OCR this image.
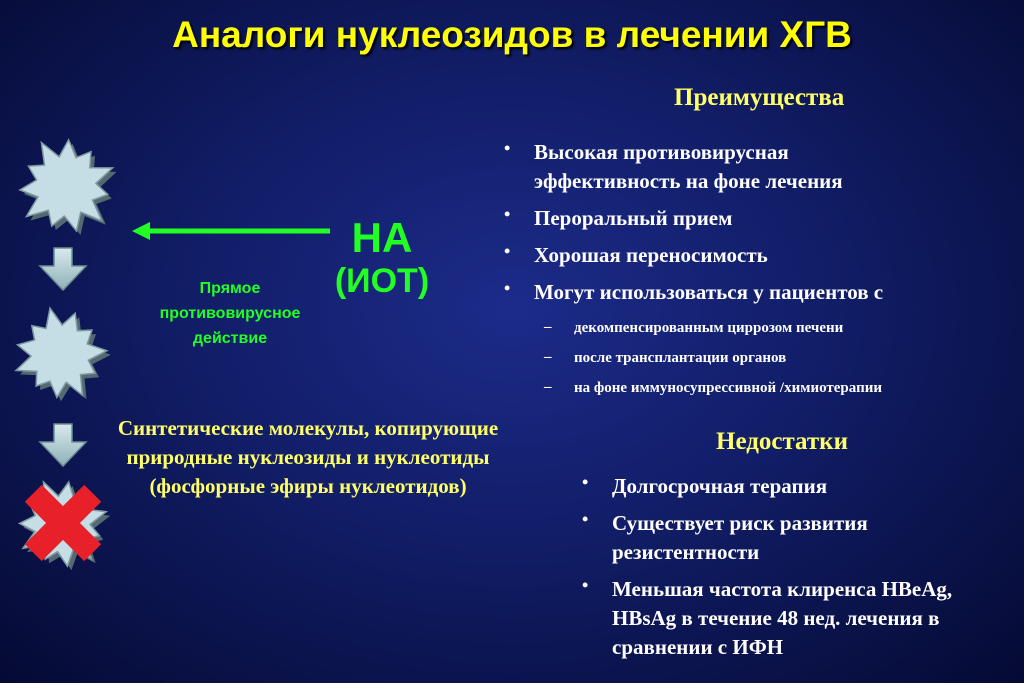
Аналоги нуклеозидов в лечении ХГВ
НА
(ИОТ)
Прямое противовирусное действие
Синтетические молекулы, копирующие природные нуклеозиды и нуклеотиды (фосфорные эфиры нуклеотидов)
Преимущества
• Высокая противовирусная эффективность на фоне лечения
• Пероральный прием
• Хорошая переносимость
• Могут использоваться у пациентов с
– декомпенсированным циррозом печени
– после трансплантации органов
– на фоне иммуносупрессивной /химиотерапии
Недостатки
• Долгосрочная терапия
• Существует риск развития резистентности
• Меньшая частота клиренса HBeAg, HBsAg в течение 48 нед. лечения в сравнении с ИФН
